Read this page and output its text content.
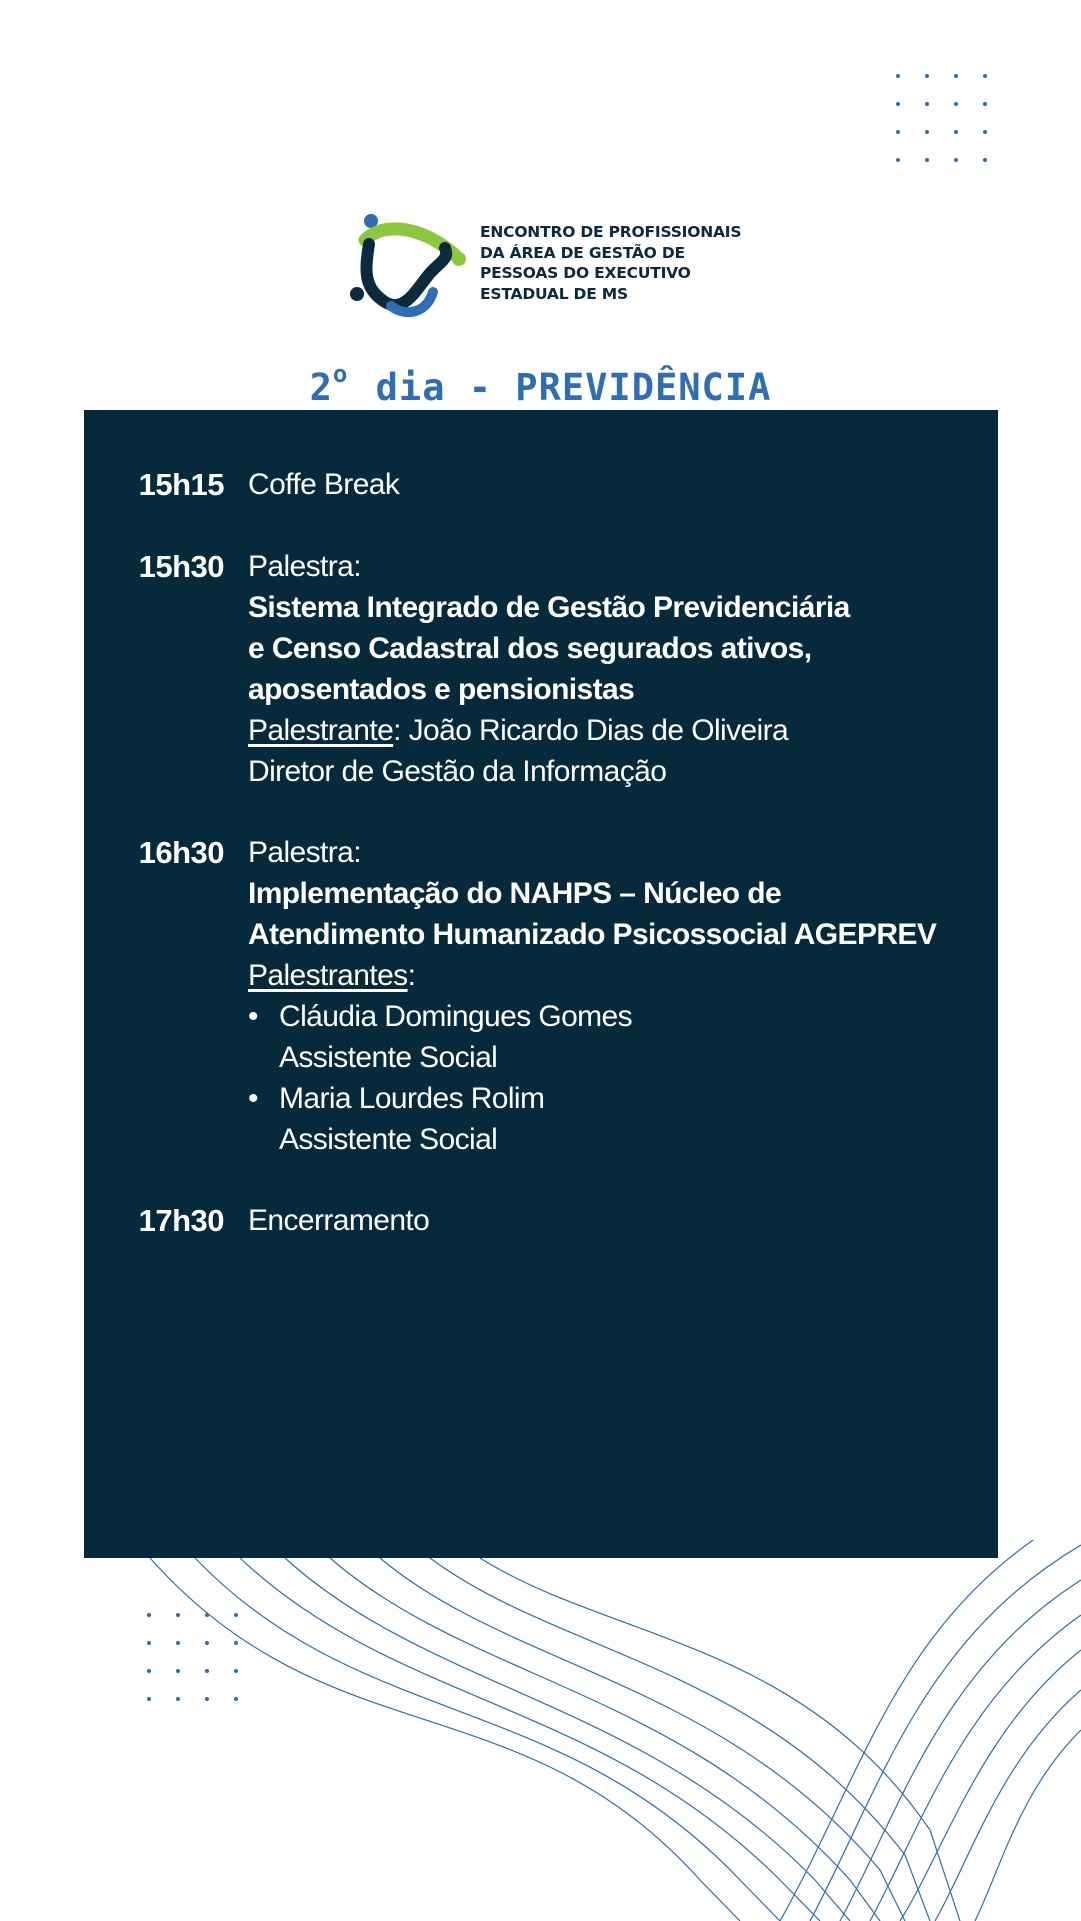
ENCONTRO DE PROFISSIONAIS
DA ÁREA DE GESTÃO DE
PESSOAS DO EXECUTIVO
ESTADUAL DE MS
2$^o$ dia - PREVIDÊNCIA
15h15 Coffe Break
15h30 Palestra:
Sistema Integrado de Gestão Previdenciária
e Censo Cadastral dos segurados ativos,
aposentados e pensionistas
Palestrante: João Ricardo Dias de Oliveira
Diretor de Gestão da Informação
16h30 Palestra:
Implementação do NAHPS – Núcleo de
Atendimento Humanizado Psicossocial AGEPREV
Palestrantes:
• Cláudia Domingues Gomes
Assistente Social
• Maria Lourdes Rolim
Assistente Social
17h30 Encerramento
